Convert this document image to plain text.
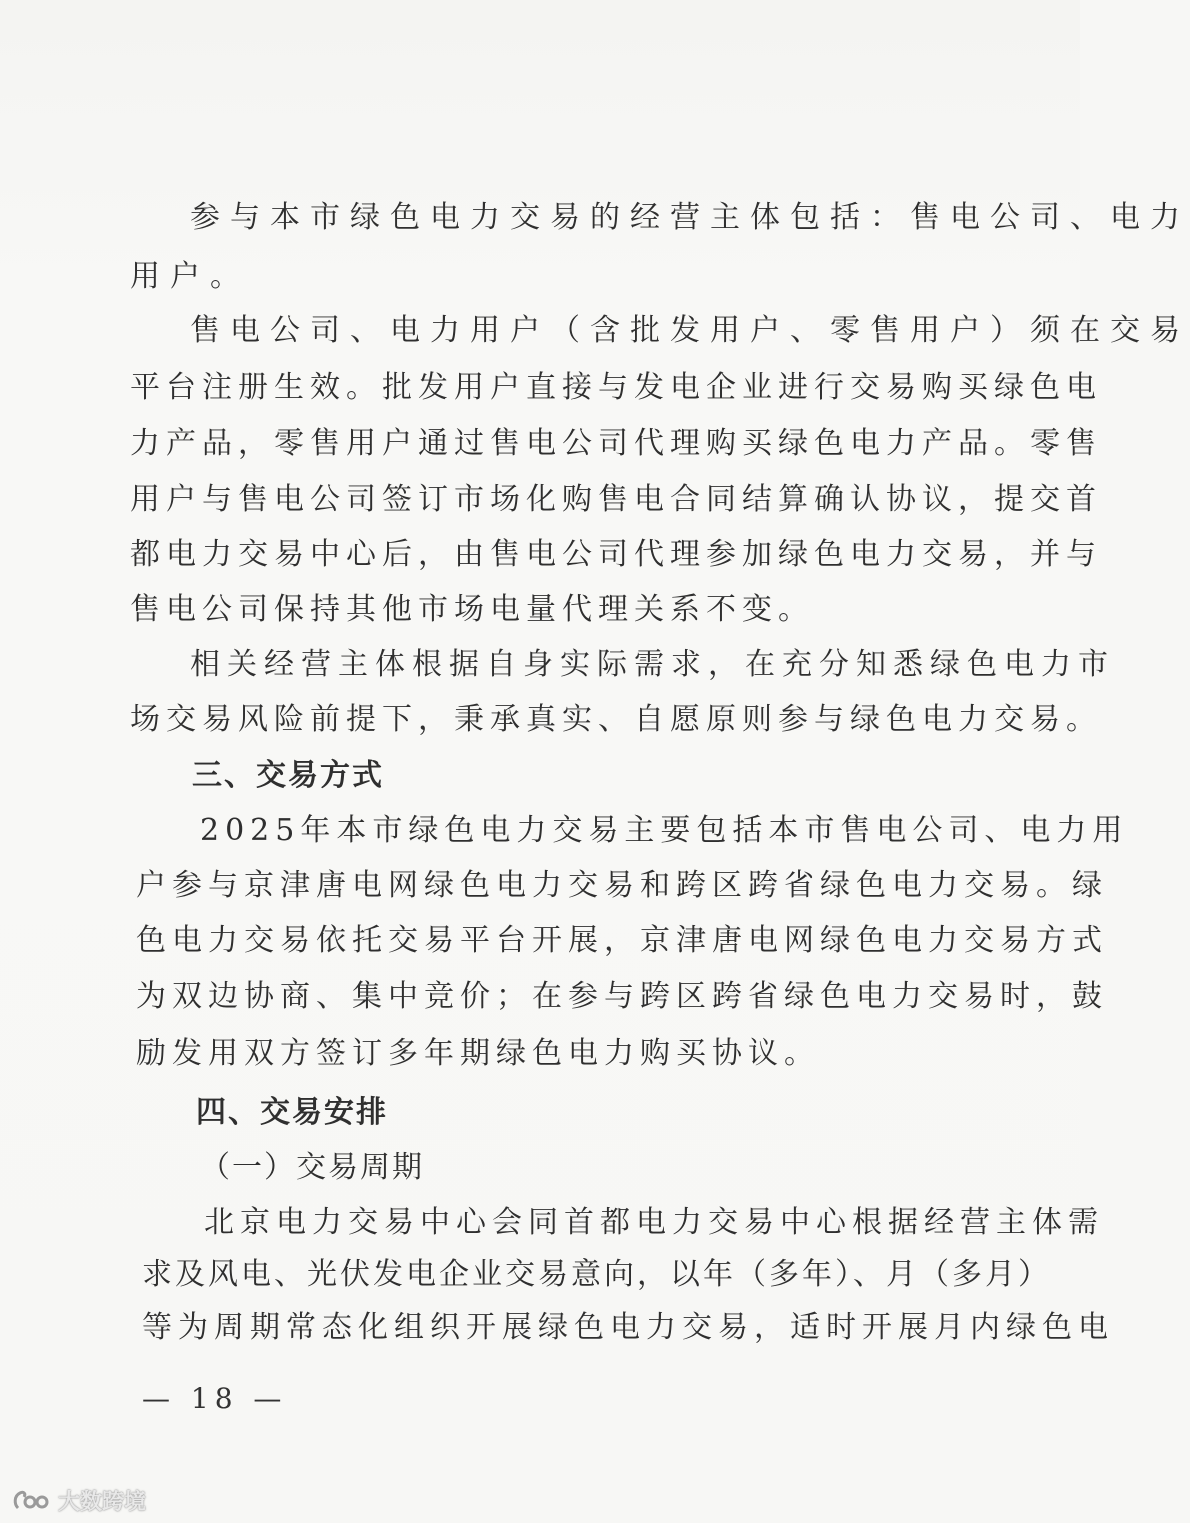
参与本市绿色电力交易的经营主体包括：售电公司、电力
用户。
售电公司、电力用户（含批发用户、零售用户）须在交易
平台注册生效。批发用户直接与发电企业进行交易购买绿色电
力产品，零售用户通过售电公司代理购买绿色电力产品。零售
用户与售电公司签订市场化购售电合同结算确认协议，提交首
都电力交易中心后，由售电公司代理参加绿色电力交易，并与
售电公司保持其他市场电量代理关系不变。
相关经营主体根据自身实际需求，在充分知悉绿色电力市
场交易风险前提下，秉承真实、自愿原则参与绿色电力交易。
三、交易方式
2025年本市绿色电力交易主要包括本市售电公司、电力用
户参与京津唐电网绿色电力交易和跨区跨省绿色电力交易。绿
色电力交易依托交易平台开展，京津唐电网绿色电力交易方式
为双边协商、集中竞价；在参与跨区跨省绿色电力交易时，鼓
励发用双方签订多年期绿色电力购买协议。
四、交易安排
（一）交易周期
北京电力交易中心会同首都电力交易中心根据经营主体需
求及风电、光伏发电企业交易意向，以年（多年）、月（多月）
等为周期常态化组织开展绿色电力交易，适时开展月内绿色电
— 18 —
大数跨境
